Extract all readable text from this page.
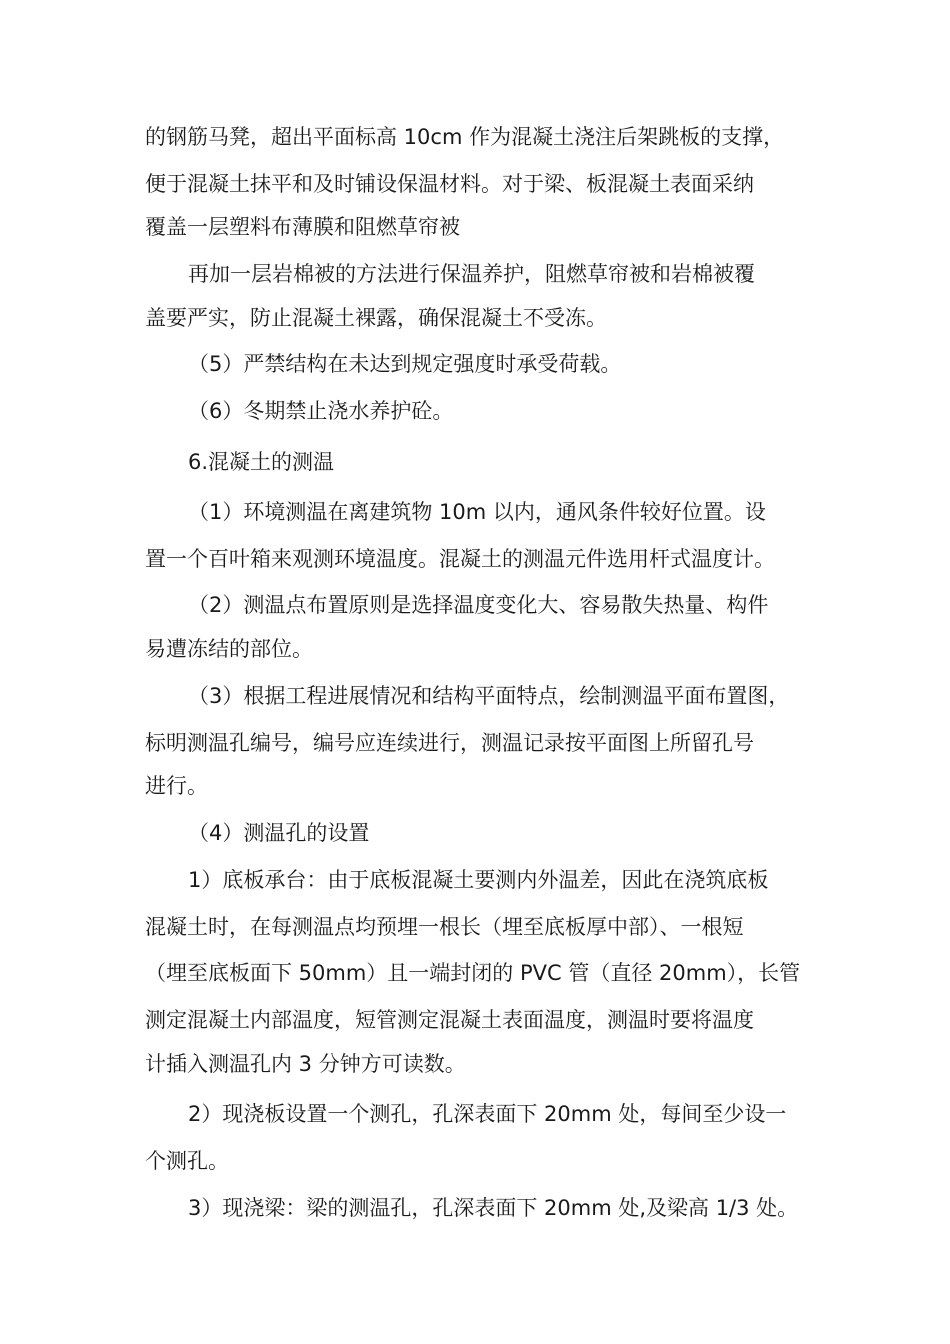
的钢筋马凳，超出平面标高 10cm 作为混凝土浇注后架跳板的支撑，
便于混凝土抹平和及时铺设保温材料。对于梁、板混凝土表面采纳
覆盖一层塑料布薄膜和阻燃草帘被
再加一层岩棉被的方法进行保温养护，阻燃草帘被和岩棉被覆
盖要严实，防止混凝土裸露，确保混凝土不受冻。
（5）严禁结构在未达到规定强度时承受荷载。
（6）冬期禁止浇水养护砼。
6.混凝土的测温
（1）环境测温在离建筑物 10m 以内，通风条件较好位置。设
置一个百叶箱来观测环境温度。混凝土的测温元件选用杆式温度计。
（2）测温点布置原则是选择温度变化大、容易散失热量、构件
易遭冻结的部位。
（3）根据工程进展情况和结构平面特点，绘制测温平面布置图，
标明测温孔编号，编号应连续进行，测温记录按平面图上所留孔号
进行。
（4）测温孔的设置
1）底板承台：由于底板混凝土要测内外温差，因此在浇筑底板
混凝土时，在每测温点均预埋一根长（埋至底板厚中部）、一根短
（埋至底板面下 50mm）且一端封闭的 PVC 管（直径 20mm），长管
测定混凝土内部温度，短管测定混凝土表面温度，测温时要将温度
计插入测温孔内 3 分钟方可读数。
2）现浇板设置一个测孔，孔深表面下 20mm 处，每间至少设一
个测孔。
3）现浇梁：梁的测温孔，孔深表面下 20mm 处,及梁高 1/3 处。
